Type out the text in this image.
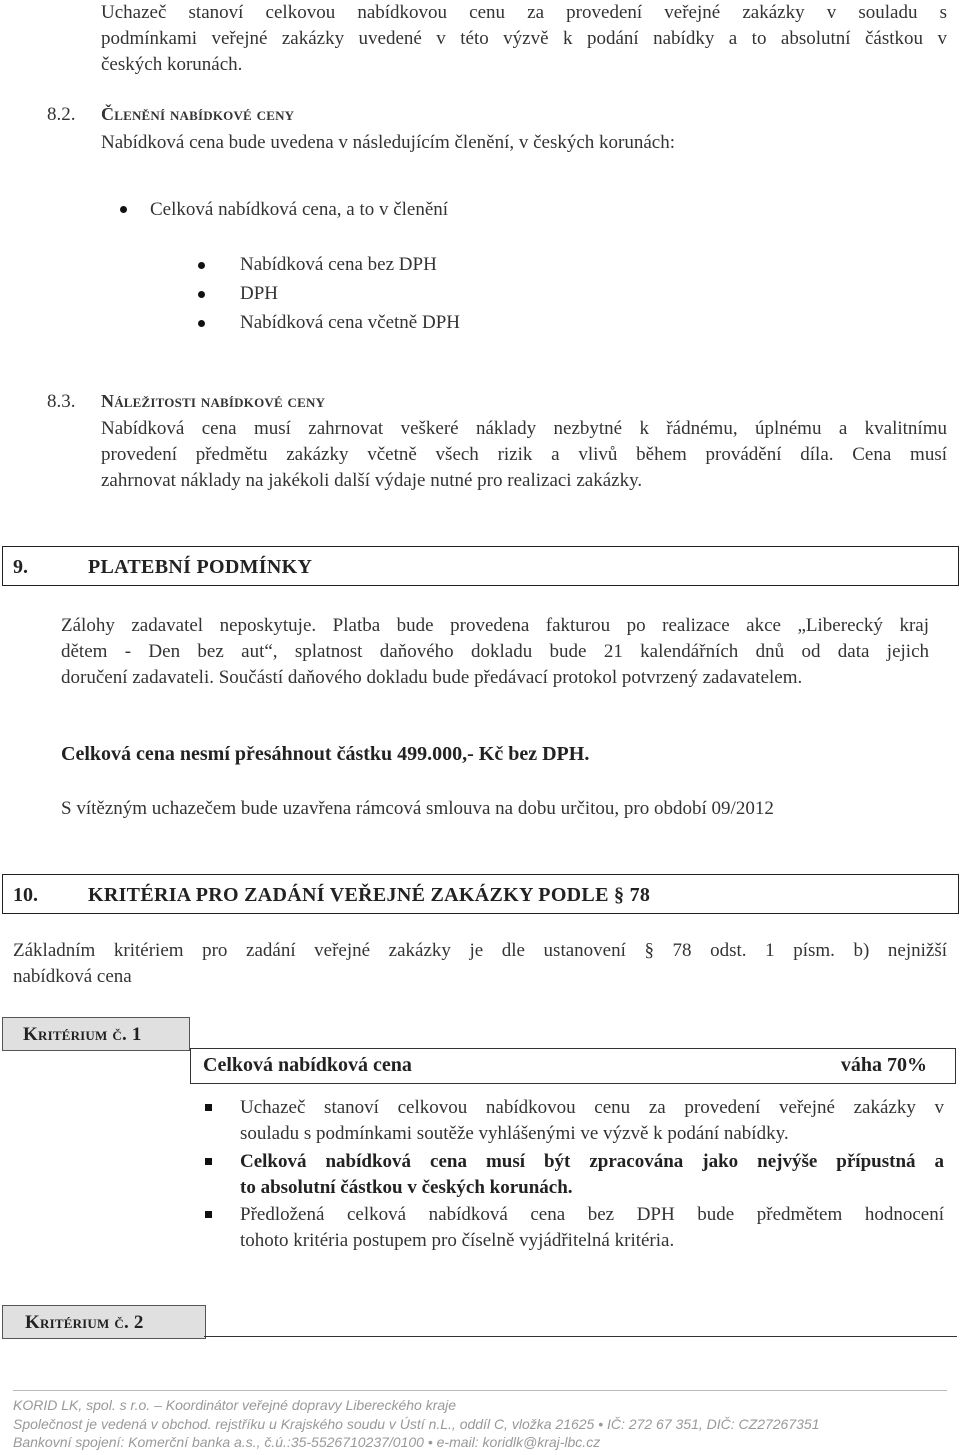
Uchazeč stanoví celkovou nabídkovou cenu za provedení veřejné zakázky v souladu s
podmínkami veřejné zakázky uvedené v této výzvě k podání nabídky a to absolutní částkou v
českých korunách.
8.2. Členění nabídkové ceny
Nabídková cena bude uvedena v následujícím členění, v českých korunách:
Celková nabídková cena, a to v členění
Nabídková cena bez DPH
DPH
Nabídková cena včetně DPH
8.3. Náležitosti nabídkové ceny
Nabídková cena musí zahrnovat veškeré náklady nezbytné k řádnému, úplnému a kvalitnímu
provedení předmětu zakázky včetně všech rizik a vlivů během provádění díla. Cena musí
zahrnovat náklady na jakékoli další výdaje nutné pro realizaci zakázky.
9.	PLATEBNÍ PODMÍNKY
Zálohy zadavatel neposkytuje. Platba bude provedena fakturou po realizace akce „Liberecký kraj
dětem - Den bez aut“, splatnost daňového dokladu bude 21 kalendářních dnů od data jejich
doručení zadavateli. Součástí daňového dokladu bude předávací protokol potvrzený zadavatelem.
Celková cena nesmí přesáhnout částku 499.000,- Kč bez DPH.
S vítězným uchazečem bude uzavřena rámcová smlouva na dobu určitou, pro období 09/2012
10.	KRITÉRIA PRO ZADÁNÍ VEŘEJNÉ ZAKÁZKY PODLE § 78
Základním kritériem pro zadání veřejné zakázky je dle ustanovení § 78 odst. 1 písm. b) nejnižší
nabídková cena
Kritérium č. 1
Celková nabídková cena	váha 70%
Uchazeč stanoví celkovou nabídkovou cenu za provedení veřejné zakázky v
souladu s podmínkami soutěže vyhlášenými ve výzvě k podání nabídky.
Celková nabídková cena musí být zpracována jako nejvýše přípustná a
to absolutní částkou v českých korunách.
Předložená celková nabídková cena bez DPH bude předmětem hodnocení
tohoto kritéria postupem pro číselně vyjádřitelná kritéria.
Kritérium č. 2
KORID LK, spol. s r.o. – Koordinátor veřejné dopravy Libereckého kraje
Společnost je vedená v obchod. rejstříku u Krajského soudu v Ústí n.L., oddíl C, vložka 21625 • IČ: 272 67 351, DIČ: CZ27267351
Bankovní spojení: Komerční banka a.s., č.ú.:35-5526710237/0100 • e-mail: koridlk@kraj-lbc.cz
